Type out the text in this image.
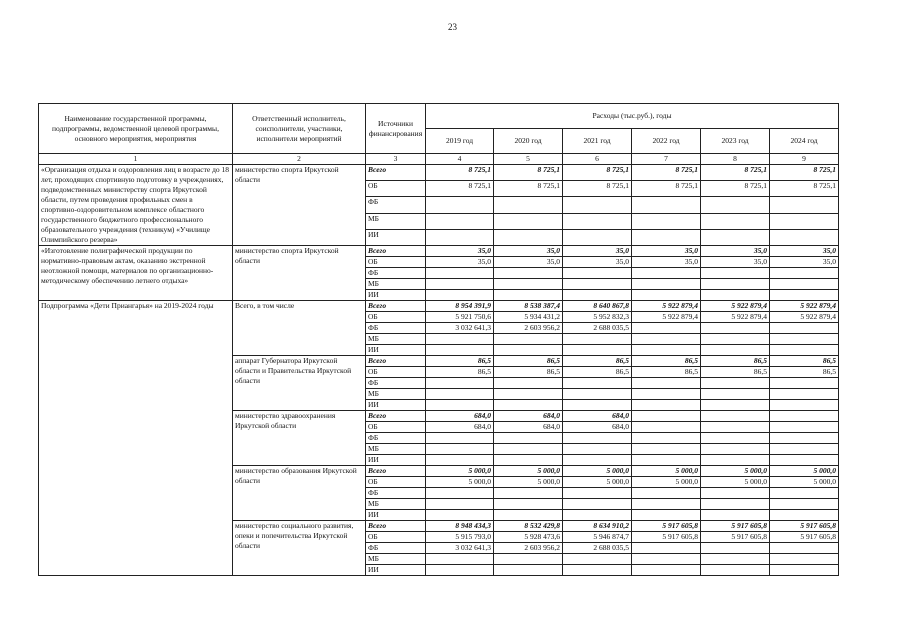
23
Наименование государственной программы, подпрограммы, ведомственной целевой программы, основного мероприятия, мероприятия	Ответственный исполнитель, соисполнители, участники, исполнители мероприятий	Источники финансирования	Расходы (тыс.руб.), годы					
			2019 год	2020 год	2021 год	2022 год	2023 год	2024 год
1	2	3	4	5	6	7	8	9
«Организация отдыха и оздоровления лиц в возрасте до 18 лет, проходящих спортивную подготовку в учреждениях, подведомственных министерству спорта Иркутской области, путем проведения профильных смен в спортивно-оздоровительном комплексе областного государственного бюджетного профессионального образовательного учреждения (техникум) «Училище Олимпийского резерва»	министерство спорта Иркутской области	Всего	8 725,1	8 725,1	8 725,1	8 725,1	8 725,1	8 725,1
		ОБ	8 725,1	8 725,1	8 725,1	8 725,1	8 725,1	8 725,1
		ФБ						
		МБ						
		ИИ						
«Изготовление полиграфической продукции по нормативно-правовым актам, оказанию экстренной неотложной помощи, материалов по организационно-методическому обеспечению летнего отдыха»	министерство спорта Иркутской области	Всего	35,0	35,0	35,0	35,0	35,0	35,0
		ОБ	35,0	35,0	35,0	35,0	35,0	35,0
		ФБ						
		МБ						
		ИИ						
Подпрограмма «Дети Приангарья» на 2019-2024 годы	Всего, в том числе	Всего	8 954 391,9	8 538 387,4	8 640 867,8	5 922 879,4	5 922 879,4	5 922 879,4
		ОБ	5 921 750,6	5 934 431,2	5 952 832,3	5 922 879,4	5 922 879,4	5 922 879,4
		ФБ	3 032 641,3	2 603 956,2	2 688 035,5			
		МБ						
		ИИ						
	аппарат Губернатора Иркутской области и Правительства Иркутской области	Всего	86,5	86,5	86,5	86,5	86,5	86,5
		ОБ	86,5	86,5	86,5	86,5	86,5	86,5
		ФБ						
		МБ						
		ИИ						
	министерство здравоохранения Иркутской области	Всего	684,0	684,0	684,0			
		ОБ	684,0	684,0	684,0			
		ФБ						
		МБ						
		ИИ						
	министерство образования Иркутской области	Всего	5 000,0	5 000,0	5 000,0	5 000,0	5 000,0	5 000,0
		ОБ	5 000,0	5 000,0	5 000,0	5 000,0	5 000,0	5 000,0
		ФБ						
		МБ						
		ИИ						
	министерство социального развития, опеки и попечительства Иркутской области	Всего	8 948 434,3	8 532 429,8	8 634 910,2	5 917 605,8	5 917 605,8	5 917 605,8
		ОБ	5 915 793,0	5 928 473,6	5 946 874,7	5 917 605,8	5 917 605,8	5 917 605,8
		ФБ	3 032 641,3	2 603 956,2	2 688 035,5			
		МБ						
		ИИ						
